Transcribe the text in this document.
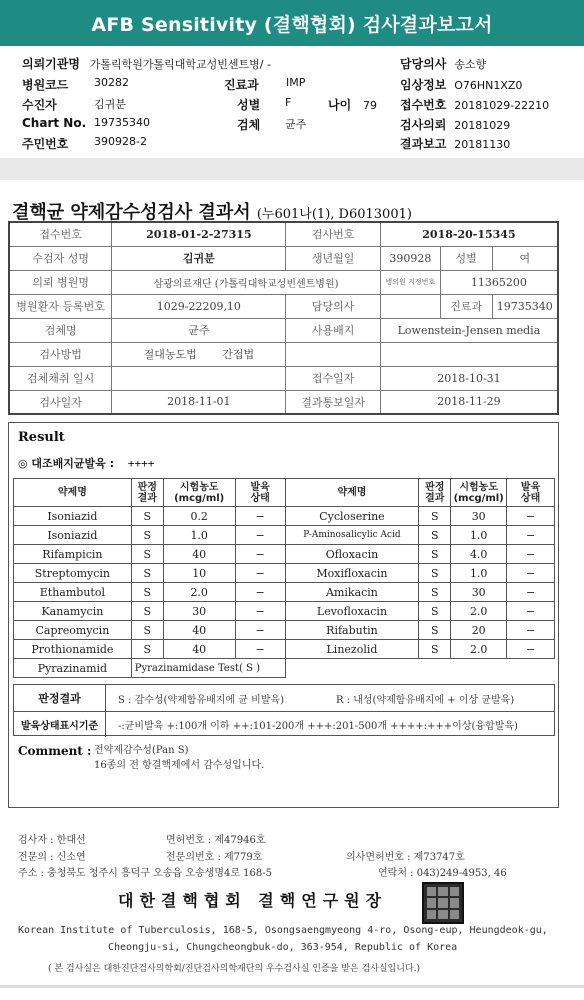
AFB Sensitivity (결핵협회) 검사결과보고서
의뢰기관명 가톨릭학원가톨릭대학교성빈센트병/ -
병원코드 30282
수진자	김귀분
Chart No. 19735340
주민번호 390928-2
진료과 IMP
성별 F	나이 79
검체 균주
담당의사 송소향
임상정보 O76HN1XZ0
접수번호 20181029-22210
검사의뢰 20181029
결과보고 20181130
결핵균 약제감수성검사 결과서 (누601나(1), D6013001)
접수번호	2018-01-2-27315	검사번호	2018-20-15345		
수검자 성명	김귀분	생년월일	390928	성별	여
의뢰 병원명	삼광의료재단 (가톨릭대학교성빈센트병원)		병의원 지정번호	11365200	
병원환자 등록번호	1029-22209,10	담당의사		진료과	19735340
검체명	균주	사용배지	Lowenstein-Jensen media		
검사방법	절대농도법 간접법				
검체채취 일시		접수일자	2018-10-31		
검사일자	2018-11-01	결과통보일자	2018-11-29		
Result
◎ 대조배지균발육 : ++++
약제명	판정
결과	시험농도
(mcg/ml)	발육
상태	약제명	판정
결과	시험농도
(mcg/ml)	발육
상태
Isoniazid	S	0.2	−	Cycloserine	S	30	−
Isoniazid	S	1.0	−	P-Aminosalicylic Acid	S	1.0	−
Rifampicin	S	40	−	Ofloxacin	S	4.0	−
Streptomycin	S	10	−	Moxifloxacin	S	1.0	−
Ethambutol	S	2.0	−	Amikacin	S	30	−
Kanamycin	S	30	−	Levofloxacin	S	2.0	−
Capreomycin	S	40	−	Rifabutin	S	20	−
Prothionamide	S	40	−	Linezolid	S	2.0	−
Pyrazinamid	Pyrazinamidase Test( S )						
판정결과	S : 감수성(약제함유배지에 균 비발육)	R : 내성(약제함유배지에 + 이상 균발육)
발육상태표시기준	-:균비발육 +:100개 이하 ++:101-200개 +++:201-500개 ++++:+++이상(융합발육)
Comment : 전약제감수성(Pan S)
16종의 전 항결핵제에서 감수성입니다.
검사자 : 한대선	면허번호 : 제47946호
전문의 : 신소연	전문의번호 : 제779호	의사면허번호 : 제73747호
주소 : 충청북도 청주시 흥덕구 오송읍 오송생명4로 168-5	연락처 : 043)249-4953, 46
대한결핵협회 결핵연구원장
Korean Institute of Tuberculosis, 168-5, Osongsaengmyeong 4-ro, Osong-eup, Heungdeok-gu,
Cheongju-si, Chungcheongbuk-do, 363-954, Republic of Korea
( 본 검사실은 대한진단검사의학회/진단검사의학재단의 우수검사실 인증을 받은 검사실입니다.)
